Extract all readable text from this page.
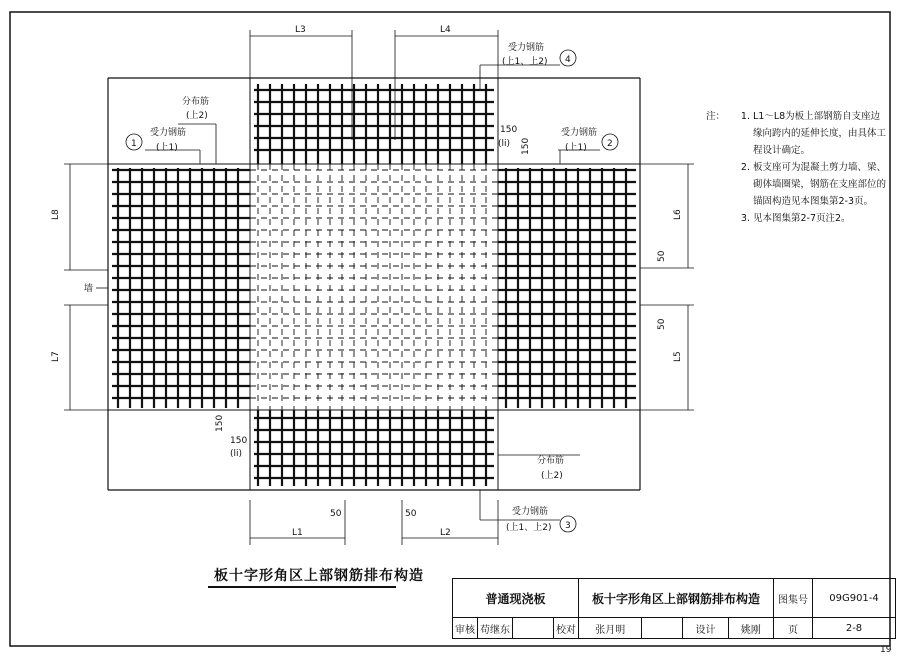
L3	L4
L1	L2
50	50
L8
L7
墙
L6
L5
50
50
150
(li) 150
150
150
(li)
1	2
3
4
分布筋
(上2)
受力钢筋
(上1)
受力钢筋
(上1)
受力钢筋
(上1、上2)
分布筋
(上2)
受力钢筋
(上1、上2)
注：	1. L1～L8为板上部钢筋自支座边
缘向跨内的延伸长度，由具体工
程设计确定。
2. 板支座可为混凝土剪力墙、梁、
砌体墙圈梁，钢筋在支座部位的
锚固构造见本图集第2-3页。
3. 见本图集第2-7页注2。
板十字形角区上部钢筋排布构造
普通现浇板				板十字形角区上部钢筋排布构造				图集号	09G901-4
审核	苟继东		校对	张月明		设计	姚刚	页	2-8
19
